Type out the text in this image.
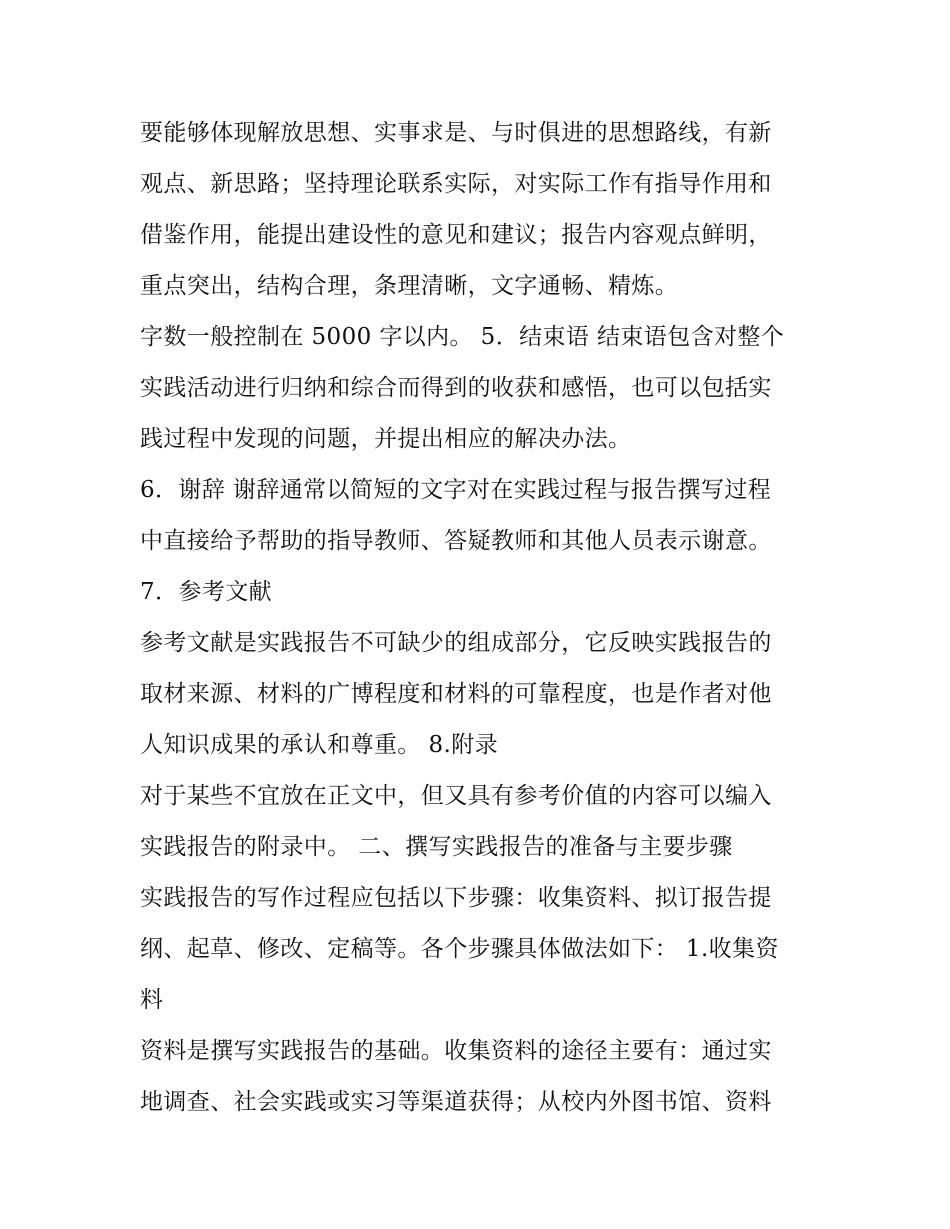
要能够体现解放思想、实事求是、与时俱进的思想路线，有新
观点、新思路；坚持理论联系实际，对实际工作有指导作用和
借鉴作用，能提出建设性的意见和建议；报告内容观点鲜明，
重点突出，结构合理，条理清晰，文字通畅、精炼。
字数一般控制在 5000 字以内。 5．结束语 结束语包含对整个
实践活动进行归纳和综合而得到的收获和感悟，也可以包括实
践过程中发现的问题，并提出相应的解决办法。
6．谢辞 谢辞通常以简短的文字对在实践过程与报告撰写过程
中直接给予帮助的指导教师、答疑教师和其他人员表示谢意。
7．参考文献
参考文献是实践报告不可缺少的组成部分，它反映实践报告的
取材来源、材料的广博程度和材料的可靠程度，也是作者对他
人知识成果的承认和尊重。 8.附录
对于某些不宜放在正文中，但又具有参考价值的内容可以编入
实践报告的附录中。 二、撰写实践报告的准备与主要步骤
实践报告的写作过程应包括以下步骤：收集资料、拟订报告提
纲、起草、修改、定稿等。各个步骤具体做法如下： 1.收集资
料
资料是撰写实践报告的基础。收集资料的途径主要有：通过实
地调查、社会实践或实习等渠道获得；从校内外图书馆、资料
